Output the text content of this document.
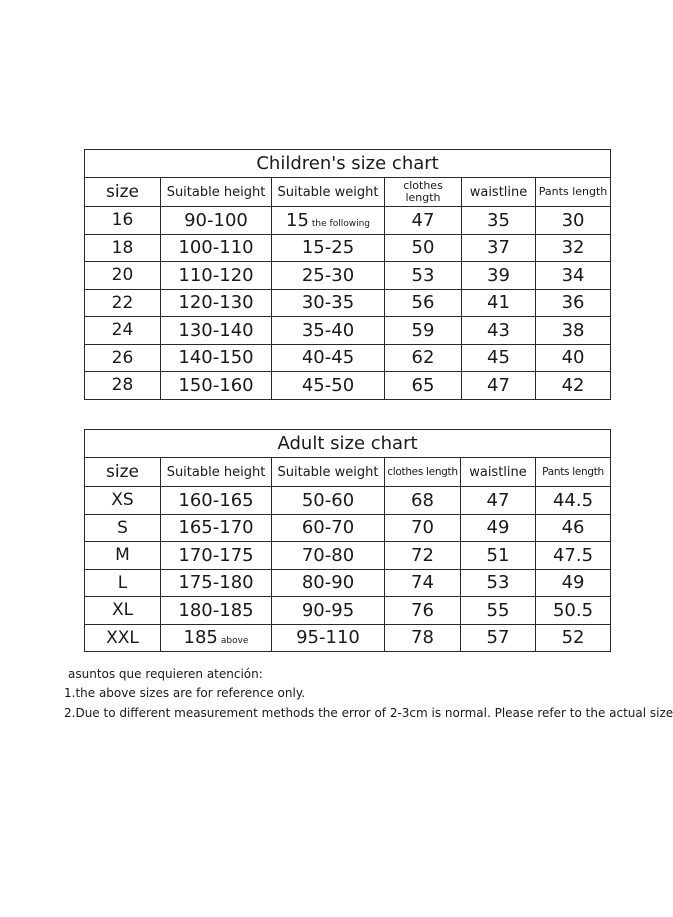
Children's size chart					
size	Suitable height	Suitable weight	clothes length	waistline	Pants length
16	90-100	15 the following	47	35	30
18	100-110	15-25	50	37	32
20	110-120	25-30	53	39	34
22	120-130	30-35	56	41	36
24	130-140	35-40	59	43	38
26	140-150	40-45	62	45	40
28	150-160	45-50	65	47	42
Adult size chart					
size	Suitable height	Suitable weight	clothes length	waistline	Pants length
XS	160-165	50-60	68	47	44.5
S	165-170	60-70	70	49	46
M	170-175	70-80	72	51	47.5
L	175-180	80-90	74	53	49
XL	180-185	90-95	76	55	50.5
XXL	185 above	95-110	78	57	52
asuntos que requieren atención:
1.the above sizes are for reference only.
2.Due to different measurement methods the error of 2-3cm is normal. Please refer to the actual size
